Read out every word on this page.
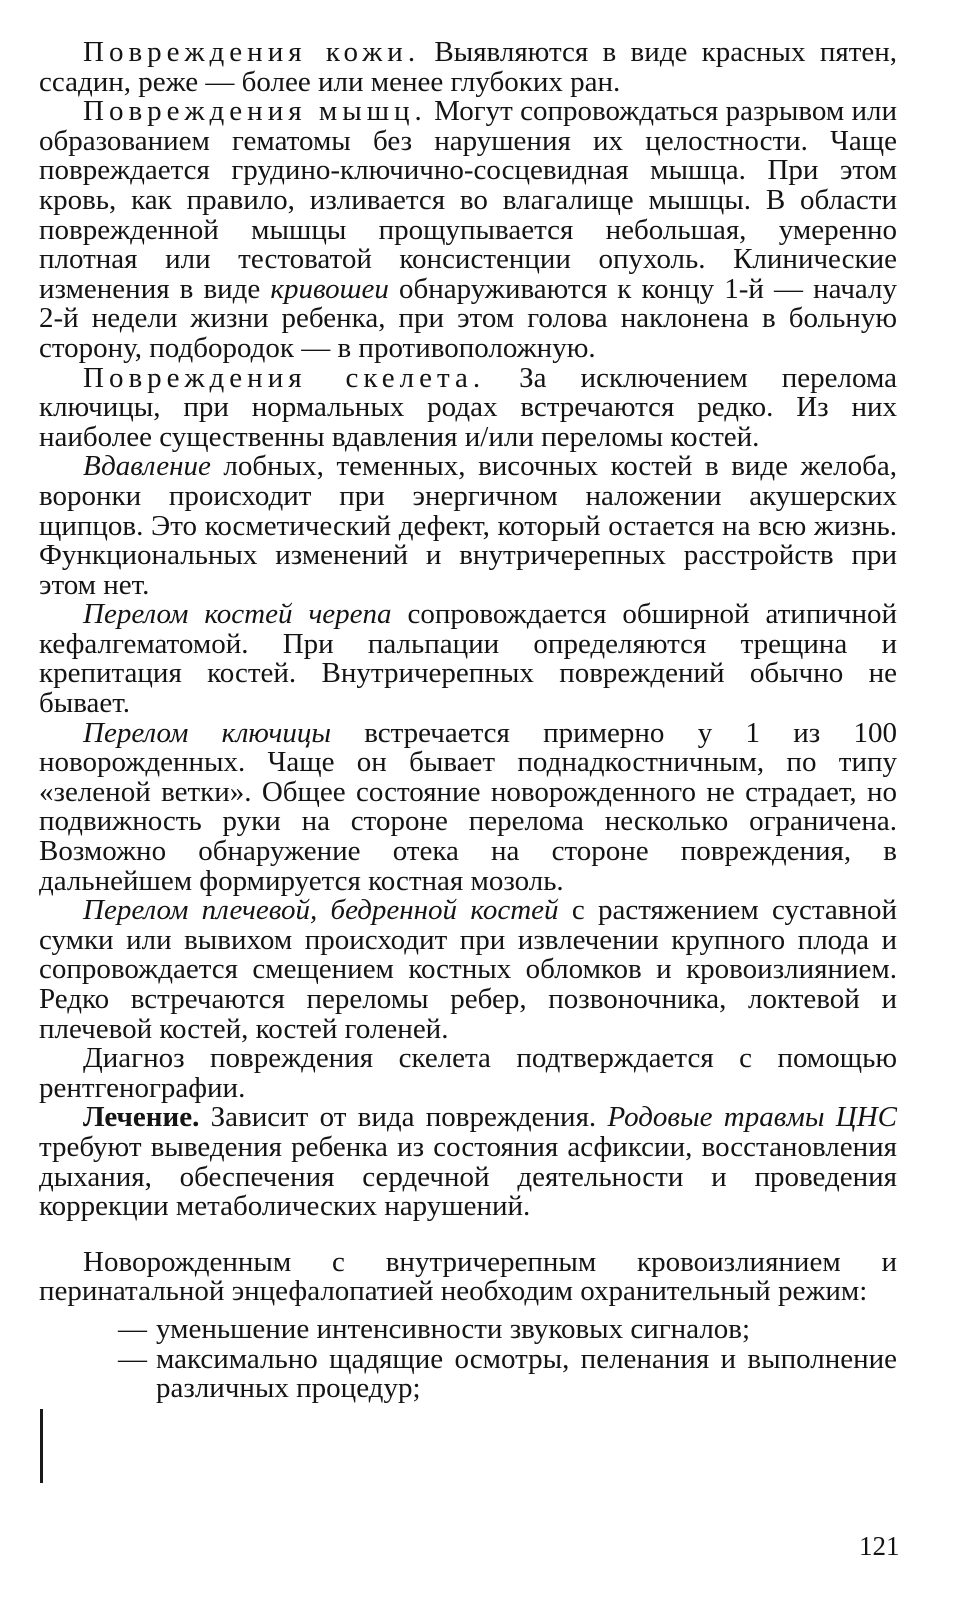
Повреждения кожи. Выявляются в виде красных пятен, ссадин, реже — более или менее глубоких ран.

Повреждения мышц. Могут сопровождаться разрывом или образованием гематомы без нарушения их целостности. Чаще повреждается грудино-ключично-сосцевидная мышца. При этом кровь, как правило, изливается во влагалище мышцы. В области поврежденной мышцы прощупывается небольшая, умеренно плотная или тестоватой консистенции опухоль. Клинические изменения в виде кривошеи обнаруживаются к концу 1-й — началу 2-й недели жизни ребенка, при этом голова наклонена в больную сторону, подбородок — в противоположную.

Повреждения скелета. За исключением перелома ключицы, при нормальных родах встречаются редко. Из них наиболее существенны вдавления и/или переломы костей.

Вдавление лобных, теменных, височных костей в виде желоба, воронки происходит при энергичном наложении акушерских щипцов. Это косметический дефект, который остается на всю жизнь. Функциональных изменений и внутричерепных расстройств при этом нет.

Перелом костей черепа сопровождается обширной атипичной кефалгематомой. При пальпации определяются трещина и крепитация костей. Внутричерепных повреждений обычно не бывает.

Перелом ключицы встречается примерно у 1 из 100 новорожденных. Чаще он бывает поднадкостничным, по типу «зеленой ветки». Общее состояние новорожденного не страдает, но подвижность руки на стороне перелома несколько ограничена. Возможно обнаружение отека на стороне повреждения, в дальнейшем формируется костная мозоль.

Перелом плечевой, бедренной костей с растяжением суставной сумки или вывихом происходит при извлечении крупного плода и сопровождается смещением костных обломков и кровоизлиянием. Редко встречаются переломы ребер, позвоночника, локтевой и плечевой костей, костей голеней.

Диагноз повреждения скелета подтверждается с помощью рентгенографии.

Лечение. Зависит от вида повреждения. Родовые травмы ЦНС требуют выведения ребенка из состояния асфиксии, восстановления дыхания, обеспечения сердечной деятельности и проведения коррекции метаболических нарушений.

Новорожденным с внутричерепным кровоизлиянием и перинатальной энцефалопатией необходим охранительный режим:

— уменьшение интенсивности звуковых сигналов;
— максимально щадящие осмотры, пеленания и выполнение различных процедур;
121
